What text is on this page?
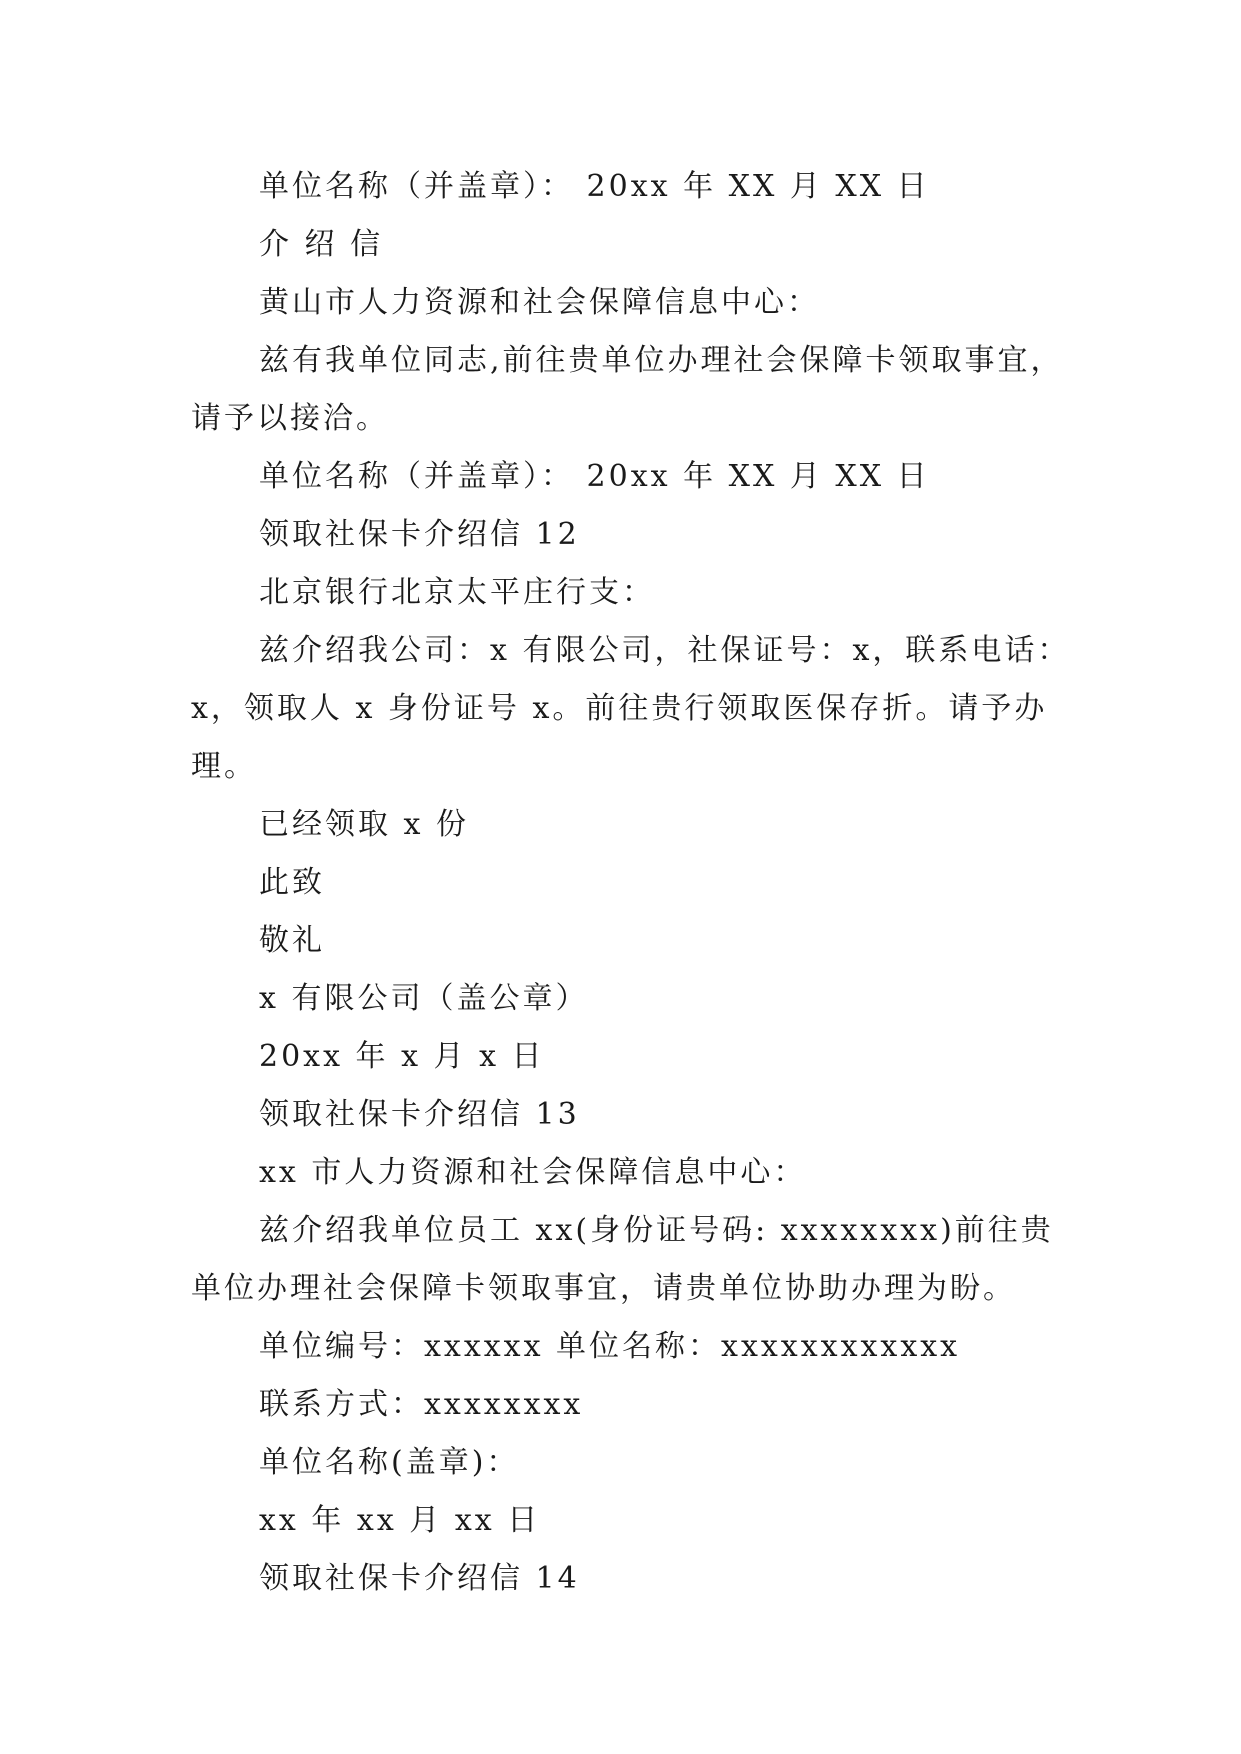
单位名称（并盖章）： 20xx 年 XX 月 XX 日

介 绍 信

黄山市人力资源和社会保障信息中心：

兹有我单位同志,前往贵单位办理社会保障卡领取事宜，请予以接洽。

单位名称（并盖章）： 20xx 年 XX 月 XX 日

领取社保卡介绍信 12

北京银行北京太平庄行支：

兹介绍我公司：x 有限公司，社保证号：x，联系电话：x，领取人 x 身份证号 x。前往贵行领取医保存折。请予办理。

已经领取 x 份

此致

敬礼

x 有限公司（盖公章）

20xx 年 x 月 x 日

领取社保卡介绍信 13

xx 市人力资源和社会保障信息中心：

兹介绍我单位员工 xx(身份证号码: xxxxxxxx)前往贵单位办理社会保障卡领取事宜，请贵单位协助办理为盼。

单位编号：xxxxxx 单位名称：xxxxxxxxxxxx

联系方式：xxxxxxxx

单位名称(盖章)：

xx 年 xx 月 xx 日

领取社保卡介绍信 14
